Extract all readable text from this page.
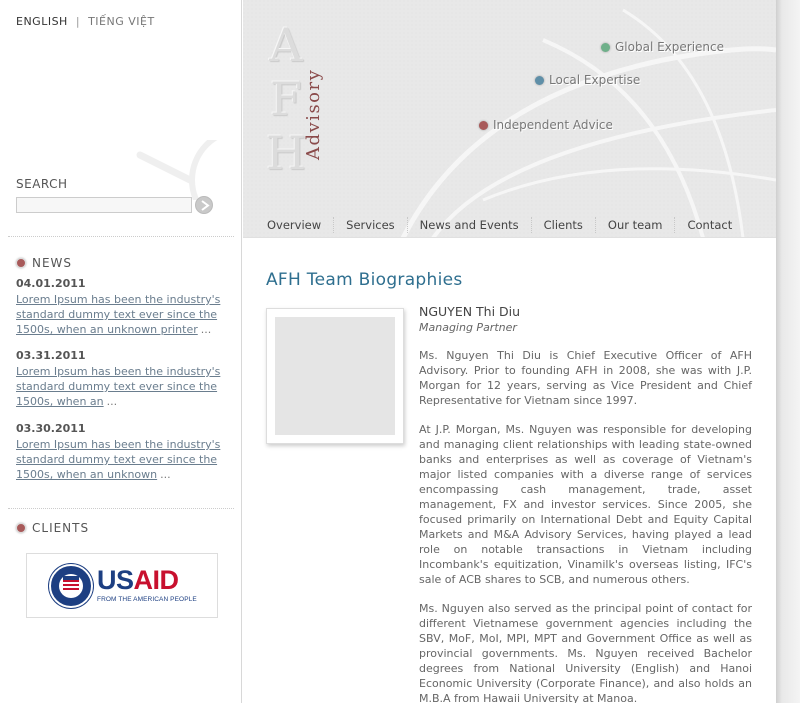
ENGLISH | TIẾNG VIỆT
SEARCH
NEWS
04.01.2011
Lorem Ipsum has been the industry's standard dummy text ever since the 1500s, when an unknown printer ...
03.31.2011
Lorem Ipsum has been the industry's standard dummy text ever since the 1500s, when an ...
03.30.2011
Lorem Ipsum has been the industry's standard dummy text ever since the 1500s, when an unknown ...
CLIENTS
USAID
FROM THE AMERICAN PEOPLE
A
F
H
Advisory
Global Experience
Local Expertise
Independent Advice
Overview	Services	News and Events	Clients	Our team	Contact
AFH Team Biographies
NGUYEN Thi Diu
Managing Partner

Ms. Nguyen Thi Diu is Chief Executive Officer of AFH Advisory. Prior to founding AFH in 2008, she was with J.P. Morgan for 12 years, serving as Vice President and Chief Representative for Vietnam since 1997.

At J.P. Morgan, Ms. Nguyen was responsible for developing and managing client relationships with leading state-owned banks and enterprises as well as coverage of Vietnam's major listed companies with a diverse range of services encompassing cash management, trade, asset management, FX and investor services. Since 2005, she focused primarily on International Debt and Equity Capital Markets and M&A Advisory Services, having played a lead role on notable transactions in Vietnam including Incombank's equitization, Vinamilk's overseas listing, IFC's sale of ACB shares to SCB, and numerous others.

Ms. Nguyen also served as the principal point of contact for different Vietnamese government agencies including the SBV, MoF, MoI, MPI, MPT and Government Office as well as provincial governments. Ms. Nguyen received Bachelor degrees from National University (English) and Hanoi Economic University (Corporate Finance), and also holds an M.B.A from Hawaii University at Manoa.
